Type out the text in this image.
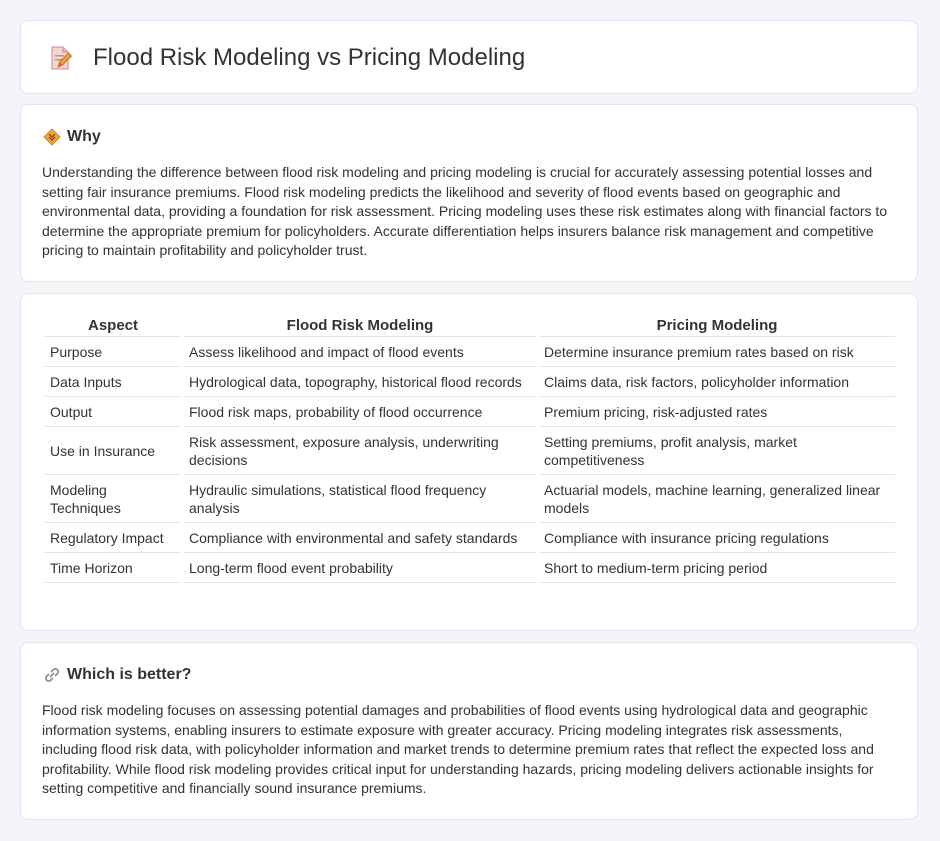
Flood Risk Modeling vs Pricing Modeling
Why

Understanding the difference between flood risk modeling and pricing modeling is crucial for accurately assessing potential losses and setting fair insurance premiums. Flood risk modeling predicts the likelihood and severity of flood events based on geographic and environmental data, providing a foundation for risk assessment. Pricing modeling uses these risk estimates along with financial factors to determine the appropriate premium for policyholders. Accurate differentiation helps insurers balance risk management and competitive pricing to maintain profitability and policyholder trust.

Aspect	Flood Risk Modeling	Pricing Modeling
Purpose	Assess likelihood and impact of flood events	Determine insurance premium rates based on risk
Data Inputs	Hydrological data, topography, historical flood records	Claims data, risk factors, policyholder information
Output	Flood risk maps, probability of flood occurrence	Premium pricing, risk-adjusted rates
Use in Insurance	Risk assessment, exposure analysis, underwriting decisions	Setting premiums, profit analysis, market competitiveness
Modeling Techniques	Hydraulic simulations, statistical flood frequency analysis	Actuarial models, machine learning, generalized linear models
Regulatory Impact	Compliance with environmental and safety standards	Compliance with insurance pricing regulations
Time Horizon	Long-term flood event probability	Short to medium-term pricing period
Which is better?

Flood risk modeling focuses on assessing potential damages and probabilities of flood events using hydrological data and geographic information systems, enabling insurers to estimate exposure with greater accuracy. Pricing modeling integrates risk assessments, including flood risk data, with policyholder information and market trends to determine premium rates that reflect the expected loss and profitability. While flood risk modeling provides critical input for understanding hazards, pricing modeling delivers actionable insights for setting competitive and financially sound insurance premiums.
